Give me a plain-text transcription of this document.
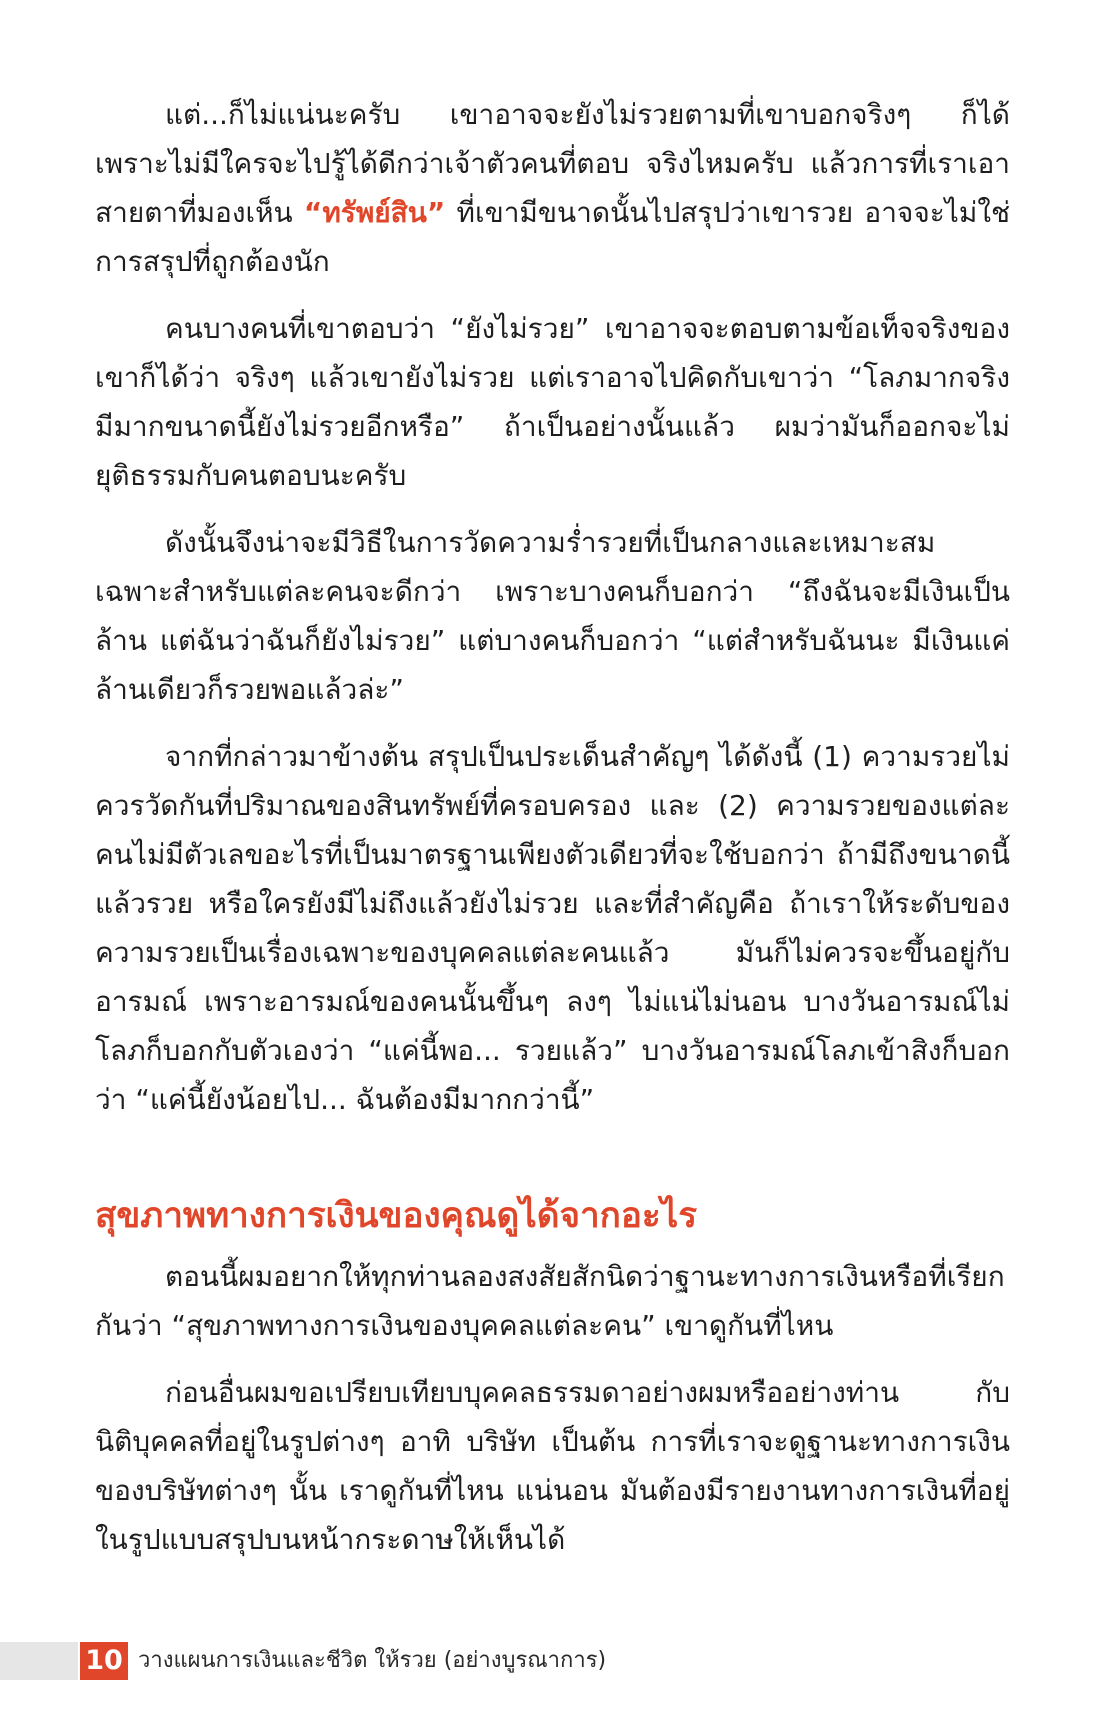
แต่...ก็ไม่แน่นะครับ เขาอาจจะยังไม่รวยตามที่เขาบอกจริงๆ ก็ได้ เพราะไม่มีใครจะไปรู้ได้ดีกว่าเจ้าตัวคนที่ตอบ จริงไหมครับ แล้วการที่เราเอาสายตาที่มองเห็น “ทรัพย์สิน” ที่เขามีขนาดนั้นไปสรุปว่าเขารวย อาจจะไม่ใช่การสรุปที่ถูกต้องนัก

คนบางคนที่เขาตอบว่า “ยังไม่รวย” เขาอาจจะตอบตามข้อเท็จจริงของเขาก็ได้ว่า จริงๆ แล้วเขายังไม่รวย แต่เราอาจไปคิดกับเขาว่า “โลภมากจริง มีมากขนาดนี้ยังไม่รวยอีกหรือ” ถ้าเป็นอย่างนั้นแล้ว ผมว่ามันก็ออกจะไม่ยุติธรรมกับคนตอบนะครับ

ดังนั้นจึงน่าจะมีวิธีในการวัดความร่ำรวยที่เป็นกลางและเหมาะสมเฉพาะสำหรับแต่ละคนจะดีกว่า เพราะบางคนก็บอกว่า “ถึงฉันจะมีเงินเป็นล้าน แต่ฉันว่าฉันก็ยังไม่รวย” แต่บางคนก็บอกว่า “แต่สำหรับฉันนะ มีเงินแค่ล้านเดียวก็รวยพอแล้วล่ะ”

จากที่กล่าวมาข้างต้น สรุปเป็นประเด็นสำคัญๆ ได้ดังนี้ (1) ความรวยไม่ควรวัดกันที่ปริมาณของสินทรัพย์ที่ครอบครอง และ (2) ความรวยของแต่ละคนไม่มีตัวเลขอะไรที่เป็นมาตรฐานเพียงตัวเดียวที่จะใช้บอกว่า ถ้ามีถึงขนาดนี้แล้วรวย หรือใครยังมีไม่ถึงแล้วยังไม่รวย และที่สำคัญคือ ถ้าเราให้ระดับของความรวยเป็นเรื่องเฉพาะของบุคคลแต่ละคนแล้ว มันก็ไม่ควรจะขึ้นอยู่กับอารมณ์ เพราะอารมณ์ของคนนั้นขึ้นๆ ลงๆ ไม่แน่ไม่นอน บางวันอารมณ์ไม่โลภก็บอกกับตัวเองว่า “แค่นี้พอ... รวยแล้ว” บางวันอารมณ์โลภเข้าสิงก็บอกว่า “แค่นี้ยังน้อยไป... ฉันต้องมีมากกว่านี้”

สุขภาพทางการเงินของคุณดูได้จากอะไร

ตอนนี้ผมอยากให้ทุกท่านลองสงสัยสักนิดว่าฐานะทางการเงินหรือที่เรียกกันว่า “สุขภาพทางการเงินของบุคคลแต่ละคน” เขาดูกันที่ไหน

ก่อนอื่นผมขอเปรียบเทียบบุคคลธรรมดาอย่างผมหรืออย่างท่าน กับนิติบุคคลที่อยู่ในรูปต่างๆ อาทิ บริษัท เป็นต้น การที่เราจะดูฐานะทางการเงินของบริษัทต่างๆ นั้น เราดูกันที่ไหน แน่นอน มันต้องมีรายงานทางการเงินที่อยู่ในรูปแบบสรุปบนหน้ากระดาษให้เห็นได้

10 วางแผนการเงินและชีวิต ให้รวย (อย่างบูรณาการ)
